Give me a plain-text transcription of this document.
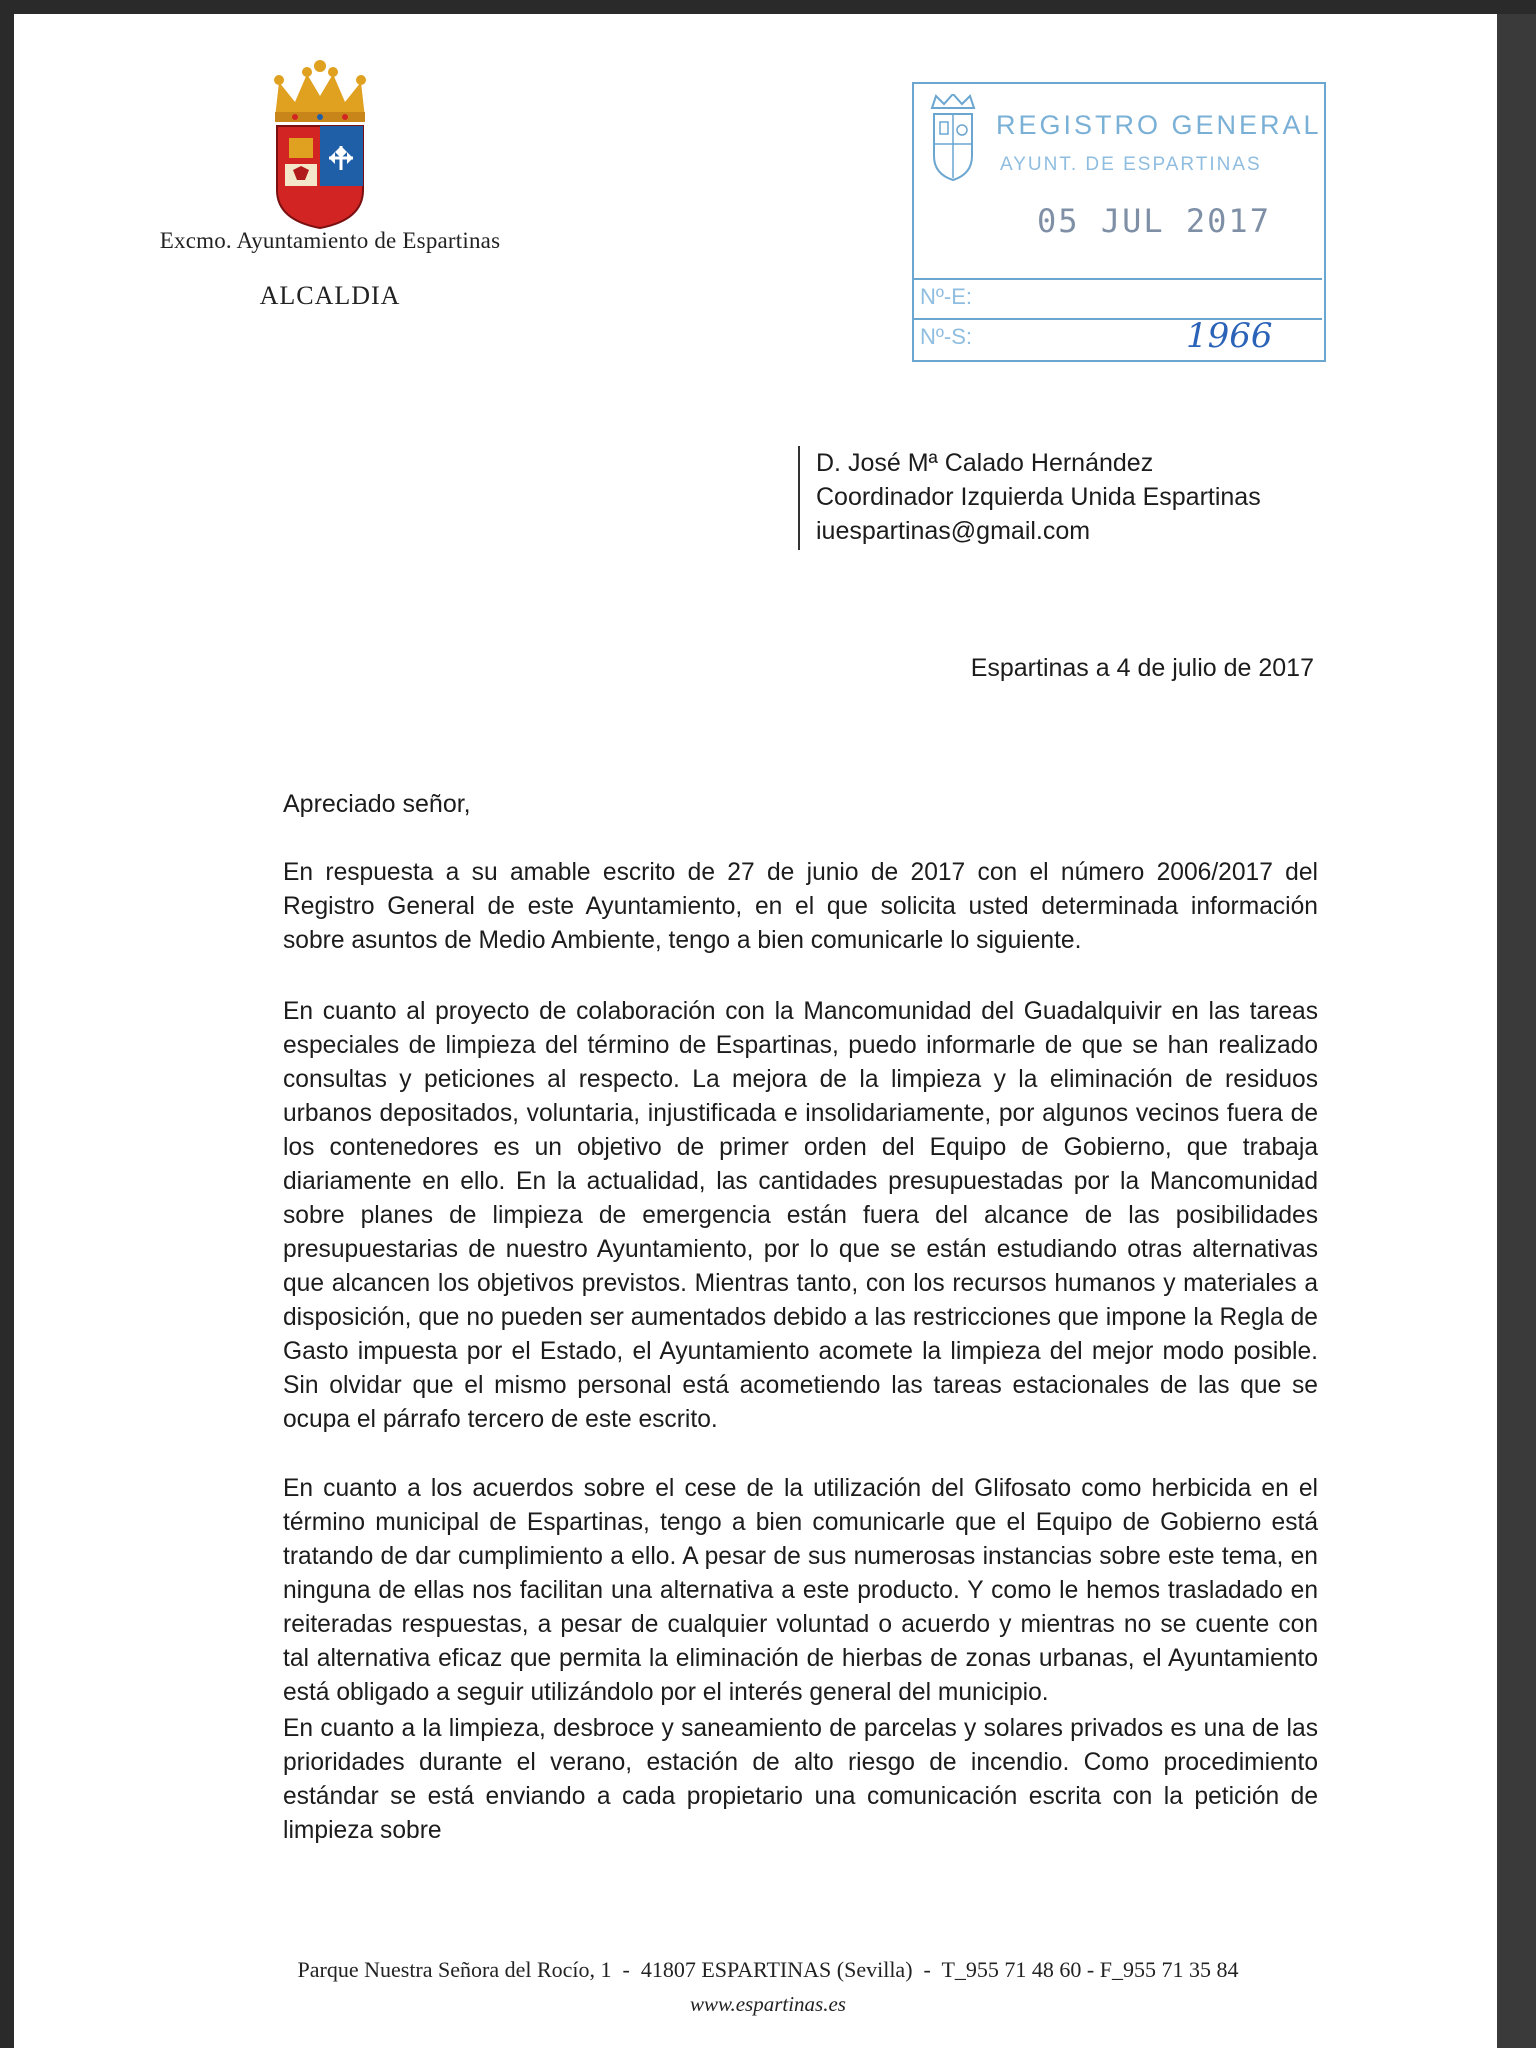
Excmo. Ayuntamiento de Espartinas
ALCALDIA
REGISTRO GENERAL
AYUNT. DE ESPARTINAS
05 JUL 2017
Nº-E:
Nº-S:	1966
D. José Mª Calado Hernández
Coordinador Izquierda Unida Espartinas
iuespartinas@gmail.com
Espartinas a 4 de julio de 2017
Apreciado señor,
En respuesta a su amable escrito de 27 de junio de 2017 con el número 2006/2017 del Registro General de este Ayuntamiento, en el que solicita usted determinada información sobre asuntos de Medio Ambiente, tengo a bien comunicarle lo siguiente.
En cuanto al proyecto de colaboración con la Mancomunidad del Guadalquivir en las tareas especiales de limpieza del término de Espartinas, puedo informarle de que se han realizado consultas y peticiones al respecto. La mejora de la limpieza y la eliminación de residuos urbanos depositados, voluntaria, injustificada e insolidariamente, por algunos vecinos fuera de los contenedores es un objetivo de primer orden del Equipo de Gobierno, que trabaja diariamente en ello. En la actualidad, las cantidades presupuestadas por la Mancomunidad sobre planes de limpieza de emergencia están fuera del alcance de las posibilidades presupuestarias de nuestro Ayuntamiento, por lo que se están estudiando otras alternativas que alcancen los objetivos previstos. Mientras tanto, con los recursos humanos y materiales a disposición, que no pueden ser aumentados debido a las restricciones que impone la Regla de Gasto impuesta por el Estado, el Ayuntamiento acomete la limpieza del mejor modo posible. Sin olvidar que el mismo personal está acometiendo las tareas estacionales de las que se ocupa el párrafo tercero de este escrito.
En cuanto a los acuerdos sobre el cese de la utilización del Glifosato como herbicida en el término municipal de Espartinas, tengo a bien comunicarle que el Equipo de Gobierno está tratando de dar cumplimiento a ello. A pesar de sus numerosas instancias sobre este tema, en ninguna de ellas nos facilitan una alternativa a este producto. Y como le hemos trasladado en reiteradas respuestas, a pesar de cualquier voluntad o acuerdo y mientras no se cuente con tal alternativa eficaz que permita la eliminación de hierbas de zonas urbanas, el Ayuntamiento está obligado a seguir utilizándolo por el interés general del municipio.
En cuanto a la limpieza, desbroce y saneamiento de parcelas y solares privados es una de las prioridades durante el verano, estación de alto riesgo de incendio. Como procedimiento estándar se está enviando a cada propietario una comunicación escrita con la petición de limpieza sobre
Parque Nuestra Señora del Rocío, 1  -  41807 ESPARTINAS (Sevilla)  -  T_955 71 48 60 - F_955 71 35 84
www.espartinas.es
